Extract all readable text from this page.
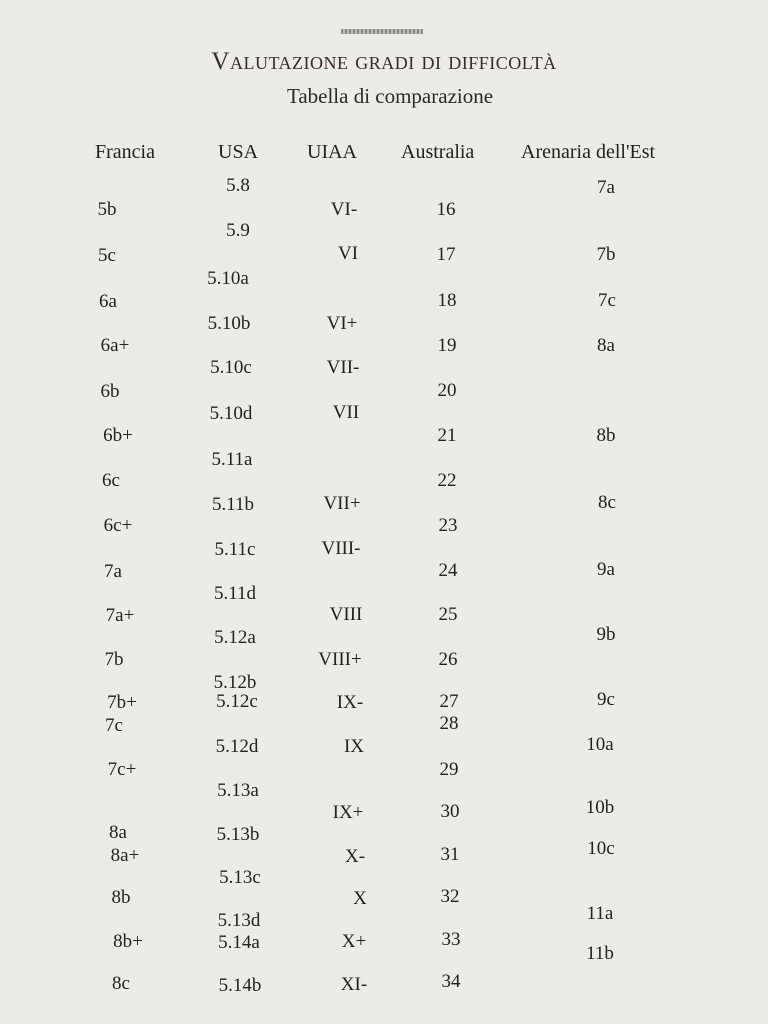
Valutazione gradi di difficoltà
Tabella di comparazione
Francia	USA UIAA Australia Arenaria dell'Est
5b
5c
6a
6a+
6b
6b+
6c
6c+
7a
7a+
7b
7b+
7c
7c+
8a
8a+
8b
8b+
8c
5.8
5.9
5.10a
5.10b
5.10c
5.10d
5.11a
5.11b
5.11c
5.11d
5.12a
5.12b
5.12c
5.12d
5.13a
5.13b
5.13c
5.13d
5.14a
5.14b
VI-
VI
VI+
VII-
VII
VII+
VIII-
VIII
VIII+
IX-
IX
IX+
X-
X
X+
XI-
16
17
18
19
20
21
22
23
24
25
26
27
28
29
30
31
32
33
34
7a
7b
7c
8a
8b
8c
9a
9b
9c
10a
10b
10c
11a
11b
